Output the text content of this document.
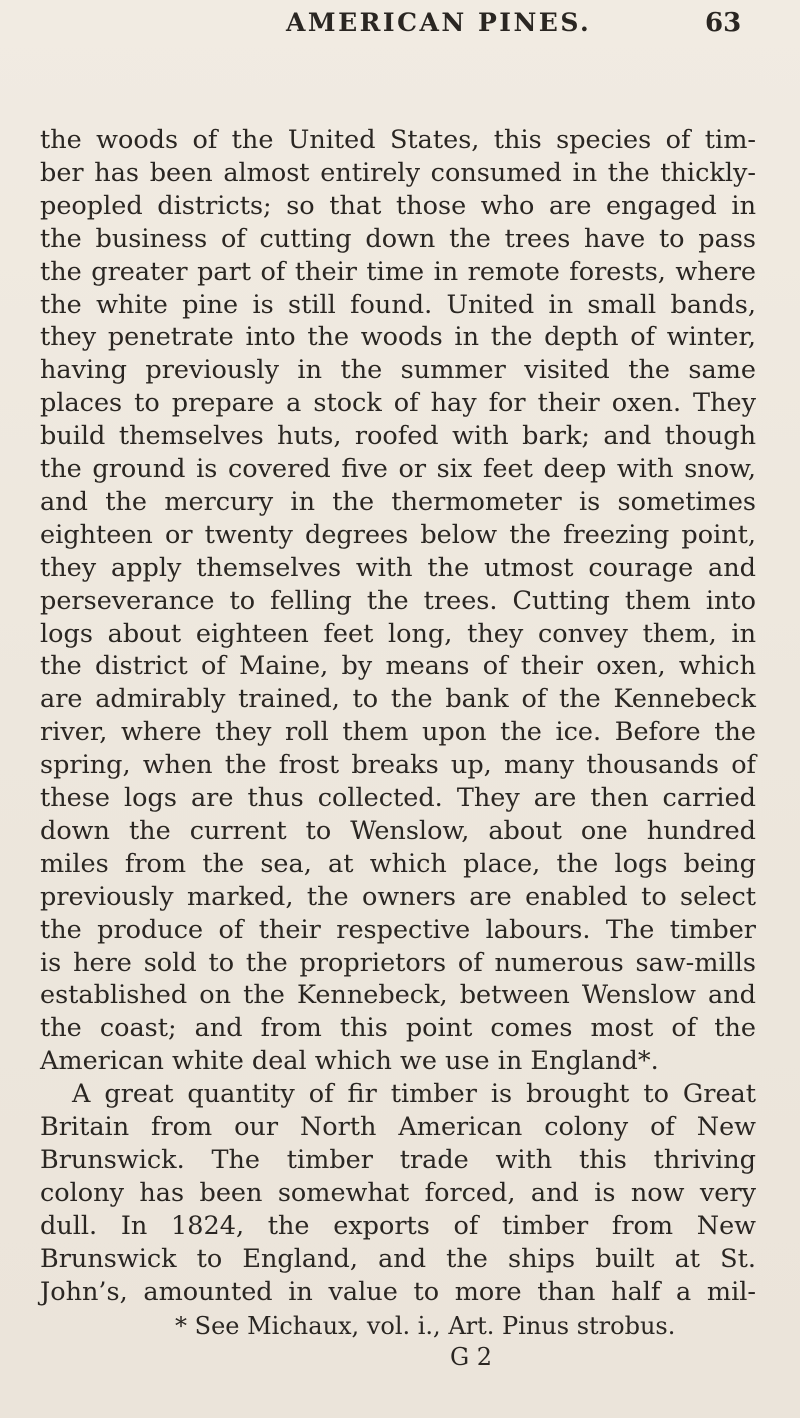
AMERICAN PINES.	63
the woods of the United States, this species of tim-
ber has been almost entirely consumed in the thickly-
peopled districts; so that those who are engaged in
the business of cutting down the trees have to pass
the greater part of their time in remote forests, where
the white pine is still found. United in small bands,
they penetrate into the woods in the depth of winter,
having previously in the summer visited the same
places to prepare a stock of hay for their oxen. They
build themselves huts, roofed with bark; and though
the ground is covered five or six feet deep with snow,
and the mercury in the thermometer is sometimes
eighteen or twenty degrees below the freezing point,
they apply themselves with the utmost courage and
perseverance to felling the trees. Cutting them into
logs about eighteen feet long, they convey them, in
the district of Maine, by means of their oxen, which
are admirably trained, to the bank of the Kennebeck
river, where they roll them upon the ice. Before the
spring, when the frost breaks up, many thousands of
these logs are thus collected. They are then carried
down the current to Wenslow, about one hundred
miles from the sea, at which place, the logs being
previously marked, the owners are enabled to select
the produce of their respective labours. The timber
is here sold to the proprietors of numerous saw-mills
established on the Kennebeck, between Wenslow and
the coast; and from this point comes most of the
American white deal which we use in England*.
A great quantity of fir timber is brought to Great
Britain from our North American colony of New
Brunswick. The timber trade with this thriving
colony has been somewhat forced, and is now very
dull. In 1824, the exports of timber from New
Brunswick to England, and the ships built at St.
John’s, amounted in value to more than half a mil-
* See Michaux, vol. i., Art. Pinus strobus.
G 2
